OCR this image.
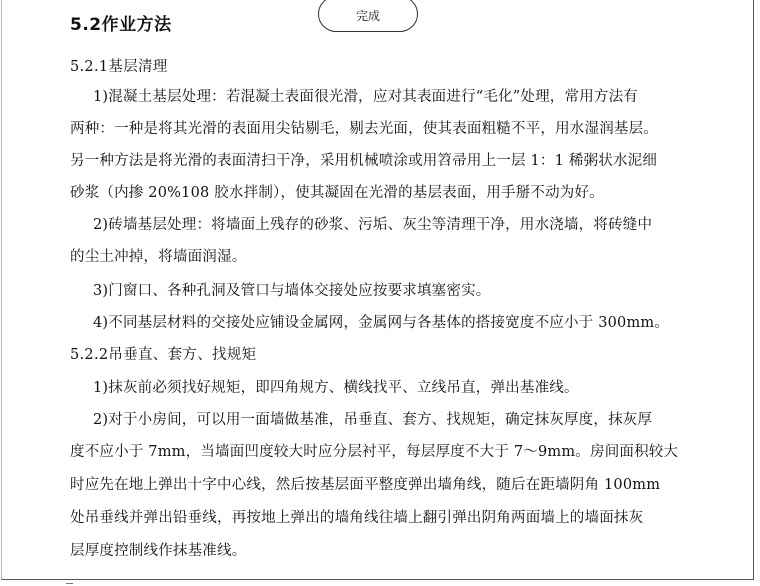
完成
5.2作业方法
5.2.1基层清理
1)混凝土基层处理：若混凝土表面很光滑，应对其表面进行“毛化”处理，常用方法有
两种：一种是将其光滑的表面用尖钻剔毛，剔去光面，使其表面粗糙不平，用水湿润基层。
另一种方法是将光滑的表面清扫干净，采用机械喷涂或用笤帚用上一层 1：1 稀粥状水泥细
砂浆（内掺 20%108 胶水拌制），使其凝固在光滑的基层表面，用手掰不动为好。
2)砖墙基层处理：将墙面上残存的砂浆、污垢、灰尘等清理干净，用水浇墙，将砖缝中
的尘土冲掉，将墙面润湿。
3)门窗口、各种孔洞及管口与墙体交接处应按要求填塞密实。
4)不同基层材料的交接处应铺设金属网，金属网与各基体的搭接宽度不应小于 300mm。
5.2.2吊垂直、套方、找规矩
1)抹灰前必须找好规矩，即四角规方、横线找平、立线吊直，弹出基准线。
2)对于小房间，可以用一面墙做基准，吊垂直、套方、找规矩，确定抹灰厚度，抹灰厚
度不应小于 7mm，当墙面凹度较大时应分层衬平，每层厚度不大于 7～9mm。房间面积较大
时应先在地上弹出十字中心线，然后按基层面平整度弹出墙角线，随后在距墙阴角 100mm
处吊垂线并弹出铅垂线，再按地上弹出的墙角线往墙上翻引弹出阴角两面墙上的墙面抹灰
层厚度控制线作抹基准线。
